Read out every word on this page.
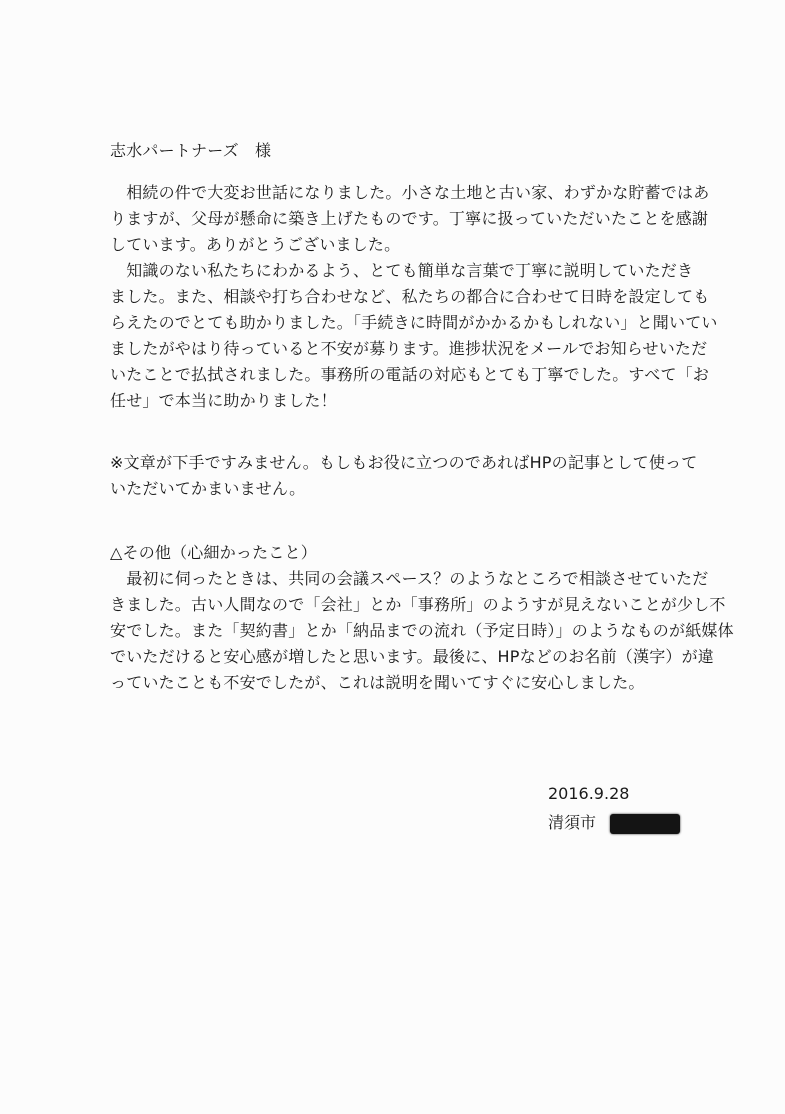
志水パートナーズ　様
　相続の件で大変お世話になりました。小さな土地と古い家、わずかな貯蓄ではあ
りますが、父母が懸命に築き上げたものです。丁寧に扱っていただいたことを感謝
しています。ありがとうございました。
　知識のない私たちにわかるよう、とても簡単な言葉で丁寧に説明していただき
ました。また、相談や打ち合わせなど、私たちの都合に合わせて日時を設定しても
らえたのでとても助かりました。「手続きに時間がかかるかもしれない」と聞いてい
ましたがやはり待っていると不安が募ります。進捗状況をメールでお知らせいただ
いたことで払拭されました。事務所の電話の対応もとても丁寧でした。すべて「お
任せ」で本当に助かりました！
※文章が下手ですみません。もしもお役に立つのであればHPの記事として使って
いただいてかまいません。
△その他（心細かったこと）
　最初に伺ったときは、共同の会議スペース？のようなところで相談させていただ
きました。古い人間なので「会社」とか「事務所」のようすが見えないことが少し不
安でした。また「契約書」とか「納品までの流れ（予定日時）」のようなものが紙媒体
でいただけると安心感が増したと思います。最後に、HPなどのお名前（漢字）が違
っていたことも不安でしたが、これは説明を聞いてすぐに安心しました。
2016.9.28
清須市
